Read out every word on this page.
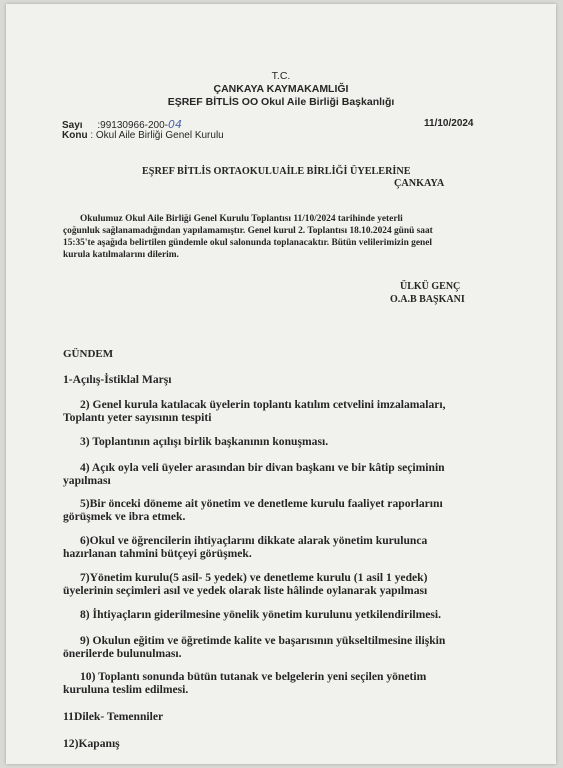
T.C.
ÇANKAYA KAYMAKAMLIĞI
EŞREF BİTLİS OO Okul Aile Birliği Başkanlığı
Sayı :99130966-200-04	11/10/2024
Konu : Okul Aile Birliği Genel Kurulu
EŞREF BİTLİS ORTAOKULUAİLE BİRLİĞİ ÜYELERİNE
ÇANKAYA
Okulumuz Okul Aile Birliği Genel Kurulu Toplantısı 11/10/2024 tarihinde yeterli
çoğunluk sağlanamadığından yapılamamıştır. Genel kurul 2. Toplantısı 18.10.2024 günü saat
15:35'te aşağıda belirtilen gündemle okul salonunda toplanacaktır. Bütün velilerimizin genel
kurula katılmalarını dilerim.
ÜLKÜ GENÇ
O.A.B BAŞKANI
GÜNDEM
1-Açılış-İstiklal Marşı
2) Genel kurula katılacak üyelerin toplantı katılım cetvelini imzalamaları,
Toplantı yeter sayısının tespiti
3) Toplantının açılışı birlik başkanının konuşması.
4) Açık oyla veli üyeler arasından bir divan başkanı ve bir kâtip seçiminin
yapılması
5)Bir önceki döneme ait yönetim ve denetleme kurulu faaliyet raporlarını
görüşmek ve ibra etmek.
6)Okul ve öğrencilerin ihtiyaçlarını dikkate alarak yönetim kurulunca
hazırlanan tahmini bütçeyi görüşmek.
7)Yönetim kurulu(5 asil- 5 yedek) ve denetleme kurulu (1 asil 1 yedek)
üyelerinin seçimleri asıl ve yedek olarak liste hâlinde oylanarak yapılması
8) İhtiyaçların giderilmesine yönelik yönetim kurulunu yetkilendirilmesi.
9) Okulun eğitim ve öğretimde kalite ve başarısının yükseltilmesine ilişkin
önerilerde bulunulması.
10) Toplantı sonunda bütün tutanak ve belgelerin yeni seçilen yönetim
kuruluna teslim edilmesi.
11Dilek- Temenniler
12)Kapanış
